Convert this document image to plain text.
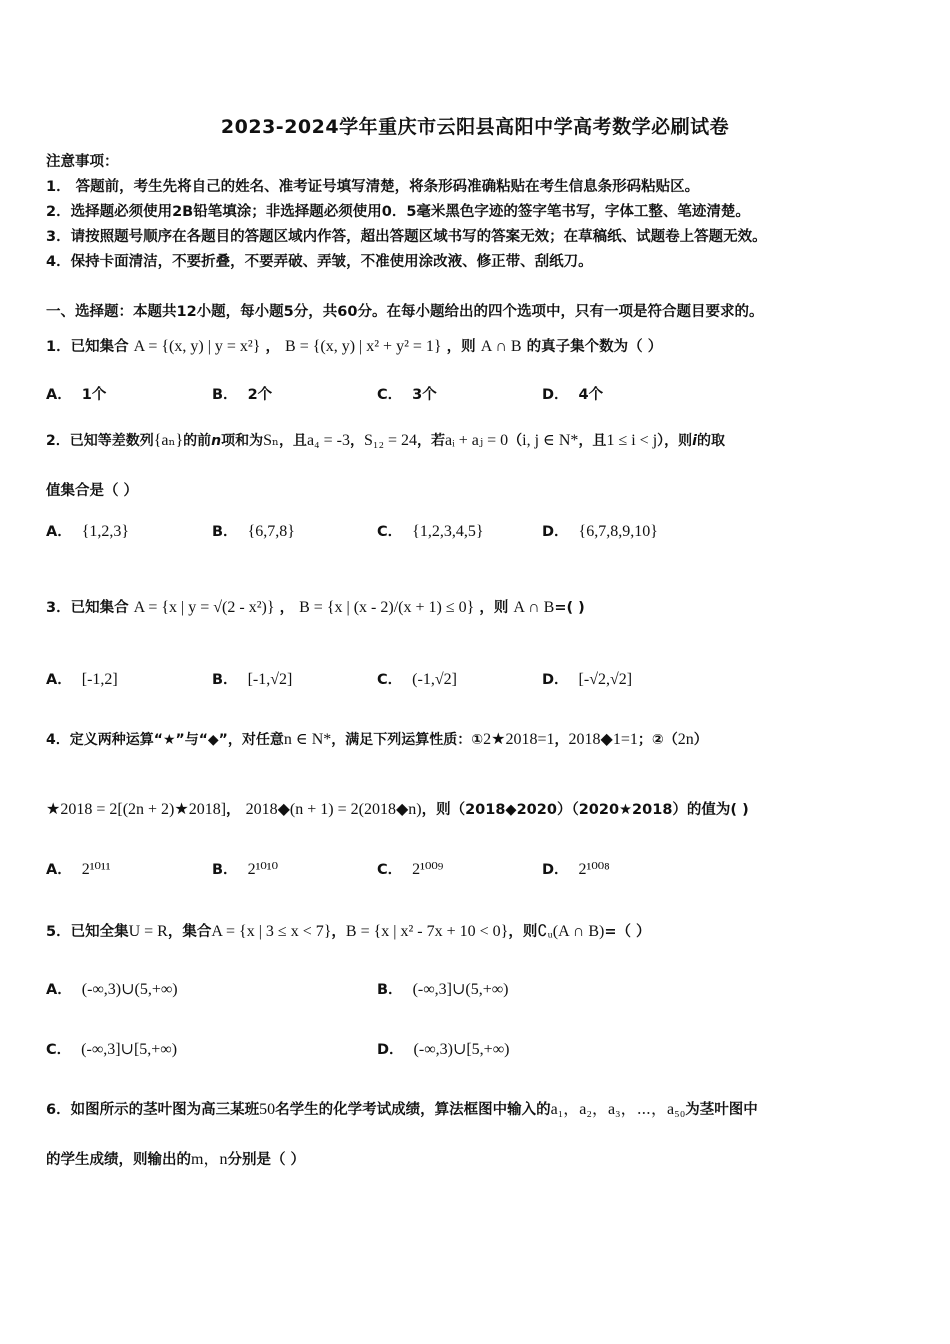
2023-2024学年重庆市云阳县高阳中学高考数学必刷试卷
注意事项：
1． 答题前，考生先将自己的姓名、准考证号填写清楚，将条形码准确粘贴在考生信息条形码粘贴区。
2．选择题必须使用2B铅笔填涂；非选择题必须使用0．5毫米黑色字迹的签字笔书写，字体工整、笔迹清楚。
3．请按照题号顺序在各题目的答题区域内作答，超出答题区域书写的答案无效；在草稿纸、试题卷上答题无效。
4．保持卡面清洁，不要折叠，不要弄破、弄皱，不准使用涂改液、修正带、刮纸刀。
一、选择题：本题共12小题，每小题5分，共60分。在每小题给出的四个选项中，只有一项是符合题目要求的。
1．已知集合 A = {(x, y) | y = x²} ， B = {(x, y) | x² + y² = 1} ，则 A ∩ B 的真子集个数为（ ）
A． 1个	B． 2个	C． 3个	D． 4个
2．已知等差数列{aₙ}的前n项和为Sₙ，且a₄ = -3，S₁₂ = 24，若aᵢ + aⱼ = 0（i, j ∈ N*，且1 ≤ i < j），则i的取
值集合是（ ）
A． {1,2,3}	B． {6,7,8}	C． {1,2,3,4,5}	D． {6,7,8,9,10}
3．已知集合 A = {x | y = √(2 - x²)} ， B = {x | (x - 2)/(x + 1) ≤ 0} ，则 A ∩ B=( )
A． [-1,2]	B． [-1,√2]	C． (-1,√2]	D． [-√2,√2]
4．定义两种运算“★”与“◆”，对任意n ∈ N*，满足下列运算性质：①2★2018=1，2018◆1=1；②（2n）
★2018 = 2[(2n + 2)★2018]， 2018◆(n + 1) = 2(2018◆n)，则（2018◆2020）（2020★2018）的值为( )
A． 2¹⁰¹¹	B． 2¹⁰¹⁰	C． 2¹⁰⁰⁹	D． 2¹⁰⁰⁸
5．已知全集U = R，集合A = {x | 3 ≤ x < 7}，B = {x | x² - 7x + 10 < 0}，则∁ᵤ(A ∩ B)=（ ）
A． (-∞,3)∪(5,+∞)	B． (-∞,3]∪(5,+∞)
C． (-∞,3]∪[5,+∞)	D． (-∞,3)∪[5,+∞)
6．如图所示的茎叶图为高三某班50名学生的化学考试成绩，算法框图中输入的a₁，a₂，a₃，⋯，a₅₀为茎叶图中
的学生成绩，则输出的m，n分别是（ ）
